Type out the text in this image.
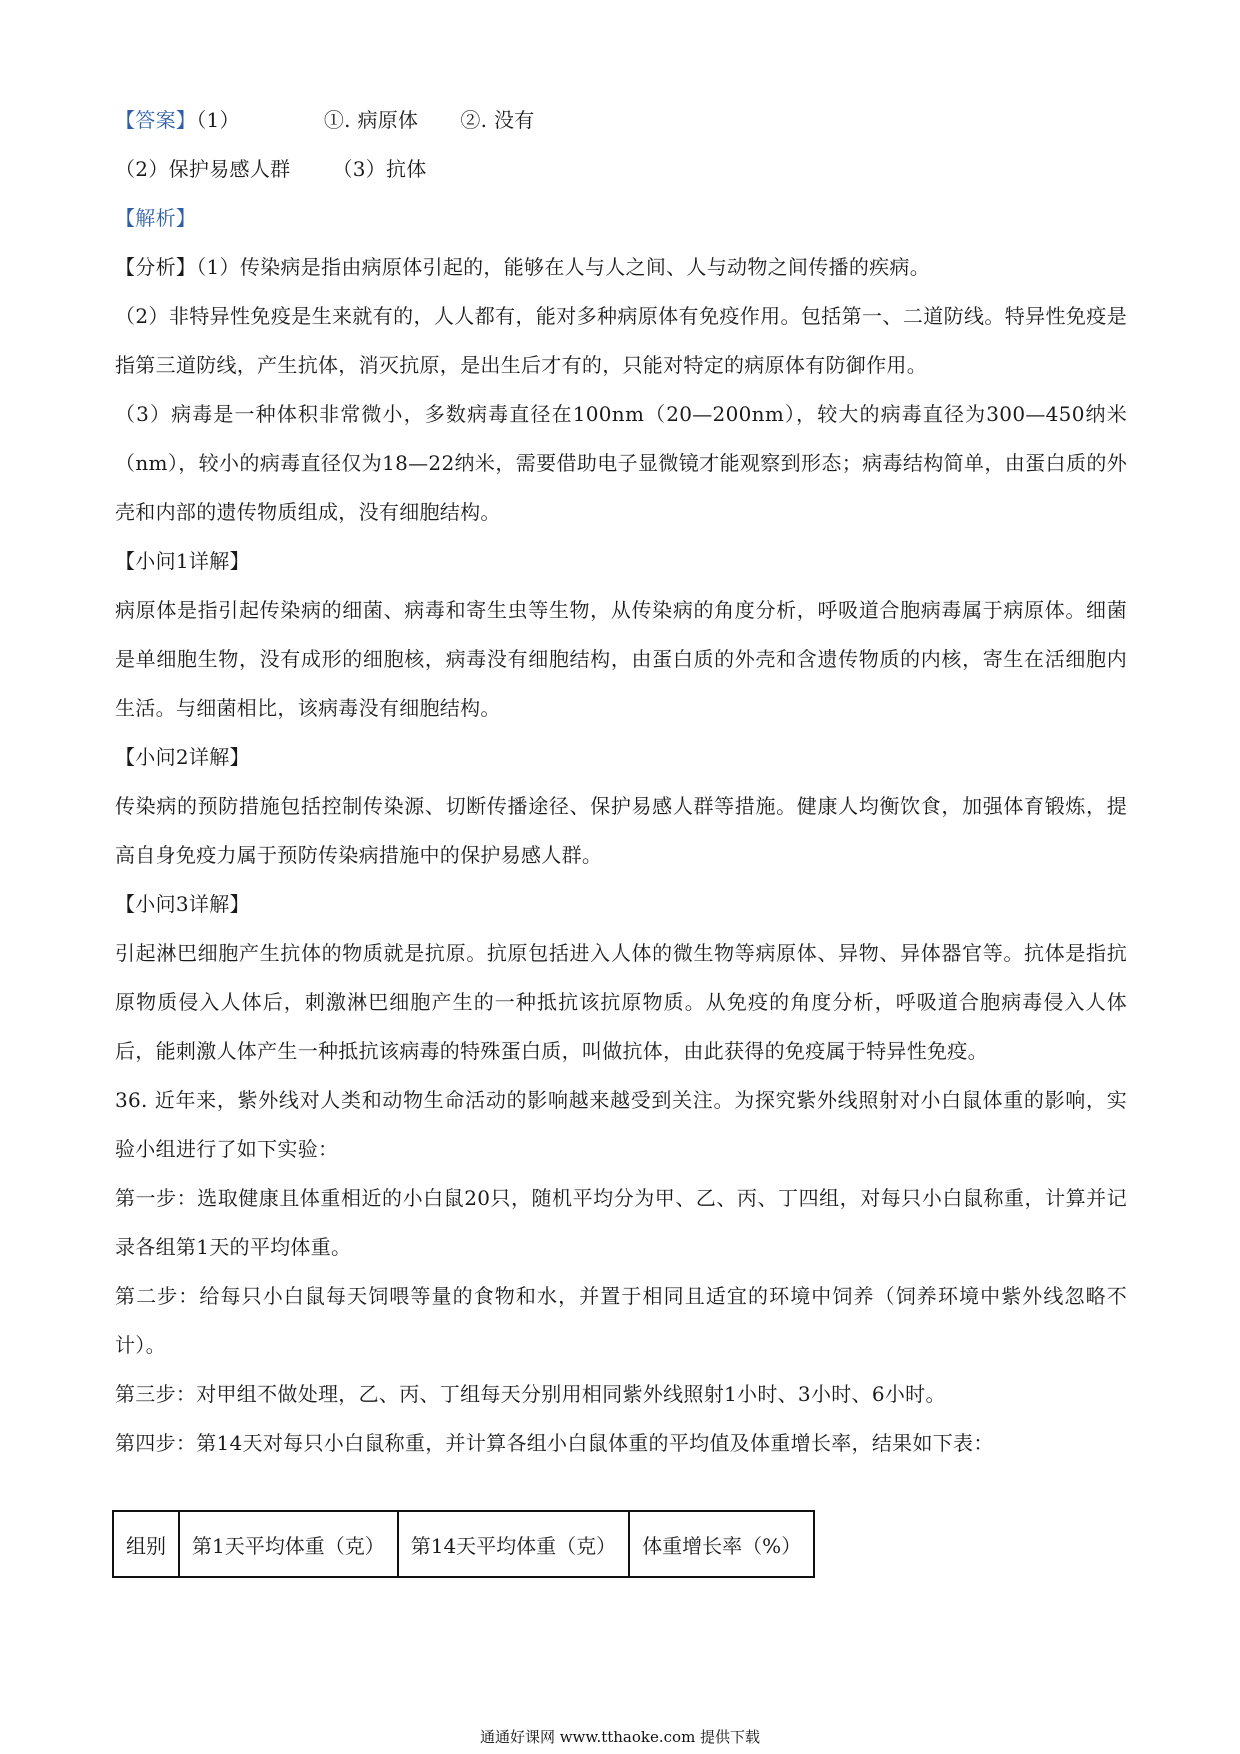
【答案】（1）	①. 病原体 ②. 没有
（2）保护易感人群 （3）抗体
【解析】
【分析】（1）传染病是指由病原体引起的，能够在人与人之间、人与动物之间传播的疾病。
（2）非特异性免疫是生来就有的，人人都有，能对多种病原体有免疫作用。包括第一、二道防线。特异性免疫是指第三道防线，产生抗体，消灭抗原，是出生后才有的，只能对特定的病原体有防御作用。
（3）病毒是一种体积非常微小，多数病毒直径在100nm（20—200nm），较大的病毒直径为300—450纳米（nm），较小的病毒直径仅为18—22纳米，需要借助电子显微镜才能观察到形态；病毒结构简单，由蛋白质的外壳和内部的遗传物质组成，没有细胞结构。
【小问1详解】
病原体是指引起传染病的细菌、病毒和寄生虫等生物，从传染病的角度分析，呼吸道合胞病毒属于病原体。细菌是单细胞生物，没有成形的细胞核，病毒没有细胞结构，由蛋白质的外壳和含遗传物质的内核，寄生在活细胞内生活。与细菌相比，该病毒没有细胞结构。
【小问2详解】
传染病的预防措施包括控制传染源、切断传播途径、保护易感人群等措施。健康人均衡饮食，加强体育锻炼，提高自身免疫力属于预防传染病措施中的保护易感人群。
【小问3详解】
引起淋巴细胞产生抗体的物质就是抗原。抗原包括进入人体的微生物等病原体、异物、异体器官等。抗体是指抗原物质侵入人体后，刺激淋巴细胞产生的一种抵抗该抗原物质。从免疫的角度分析，呼吸道合胞病毒侵入人体后，能刺激人体产生一种抵抗该病毒的特殊蛋白质，叫做抗体，由此获得的免疫属于特异性免疫。
36. 近年来，紫外线对人类和动物生命活动的影响越来越受到关注。为探究紫外线照射对小白鼠体重的影响，实验小组进行了如下实验：
第一步：选取健康且体重相近的小白鼠20只，随机平均分为甲、乙、丙、丁四组，对每只小白鼠称重，计算并记录各组第1天的平均体重。
第二步：给每只小白鼠每天饲喂等量的食物和水，并置于相同且适宜的环境中饲养（饲养环境中紫外线忽略不计）。
第三步：对甲组不做处理，乙、丙、丁组每天分别用相同紫外线照射1小时、3小时、6小时。
第四步：第14天对每只小白鼠称重，并计算各组小白鼠体重的平均值及体重增长率，结果如下表：
组别	第1天平均体重（克）	第14天平均体重（克）	体重增长率（%）
通通好课网 www.tthaoke.com 提供下载
